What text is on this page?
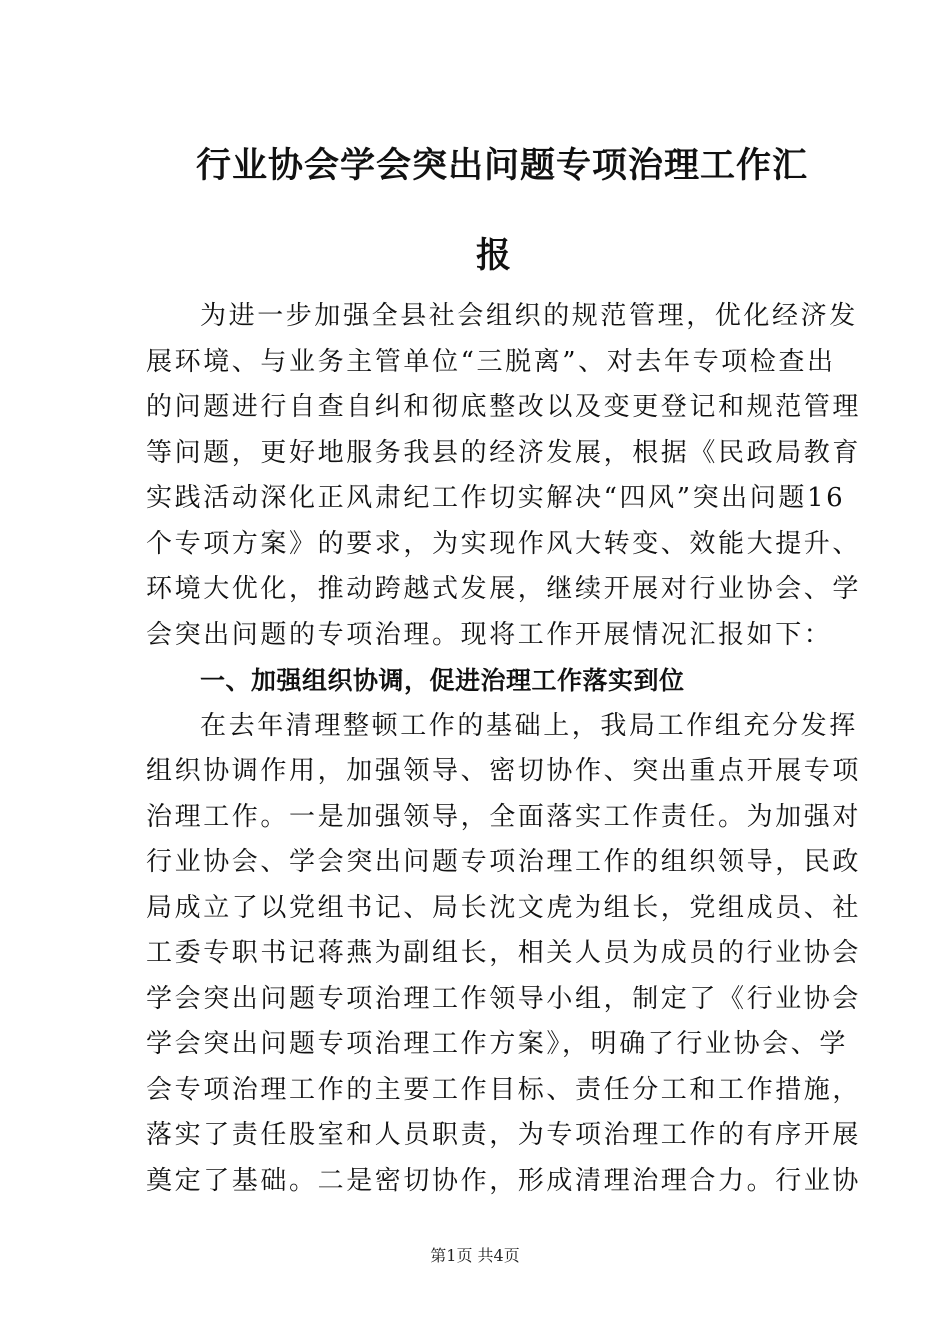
行业协会学会突出问题专项治理工作汇
报
为进一步加强全县社会组织的规范管理，优化经济发
展环境、与业务主管单位“三脱离”、对去年专项检查出
的问题进行自查自纠和彻底整改以及变更登记和规范管理
等问题，更好地服务我县的经济发展，根据《民政局教育
实践活动深化正风肃纪工作切实解决“四风”突出问题16
个专项方案》的要求，为实现作风大转变、效能大提升、
环境大优化，推动跨越式发展，继续开展对行业协会、学
会突出问题的专项治理。现将工作开展情况汇报如下：
一、加强组织协调，促进治理工作落实到位
在去年清理整顿工作的基础上，我局工作组充分发挥
组织协调作用，加强领导、密切协作、突出重点开展专项
治理工作。一是加强领导，全面落实工作责任。为加强对
行业协会、学会突出问题专项治理工作的组织领导，民政
局成立了以党组书记、局长沈文虎为组长，党组成员、社
工委专职书记蒋燕为副组长，相关人员为成员的行业协会
学会突出问题专项治理工作领导小组，制定了《行业协会
学会突出问题专项治理工作方案》，明确了行业协会、学
会专项治理工作的主要工作目标、责任分工和工作措施，
落实了责任股室和人员职责，为专项治理工作的有序开展
奠定了基础。二是密切协作，形成清理治理合力。行业协
第1页 共4页
